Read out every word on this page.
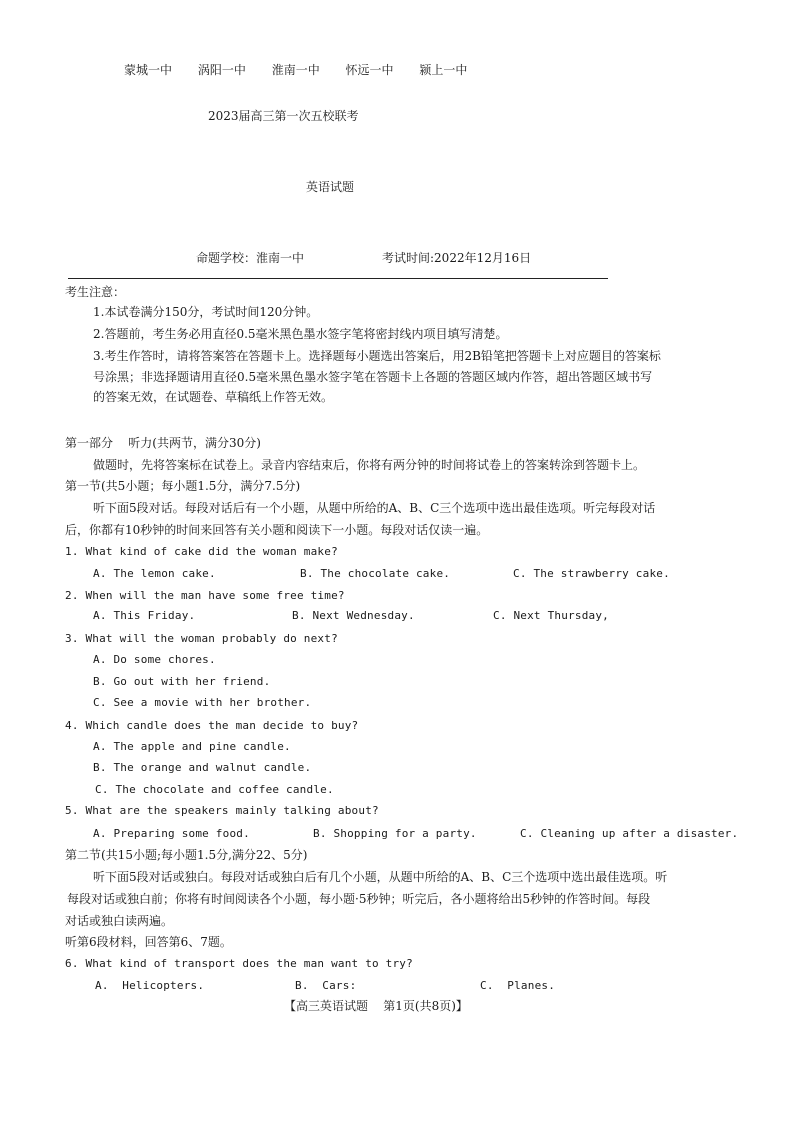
蒙城一中 涡阳一中 淮南一中 怀远一中 颍上一中
2023届高三第一次五校联考
英语试题
命题学校：淮南一中	考试时间:2022年12月16日
考生注意：
1.本试卷满分150分，考试时间120分钟。
2.答题前，考生务必用直径0.5毫米黑色墨水签字笔将密封线内项目填写清楚。
3.考生作答时，请将答案答在答题卡上。选择题每小题选出答案后，用2B铅笔把答题卡上对应题目的答案标
号涂黑；非选择题请用直径0.5毫米黑色墨水签字笔在答题卡上各题的答题区域内作答，超出答题区域书写
的答案无效，在试题卷、草稿纸上作答无效。
第一部分    听力(共两节，满分30分)
做题时，先将答案标在试卷上。录音内容结束后，你将有两分钟的时间将试卷上的答案转涂到答题卡上。
第一节(共5小题；每小题1.5分，满分7.5分)
听下面5段对话。每段对话后有一个小题，从题中所给的A、B、C三个选项中选出最佳选项。听完每段对话
后，你都有10秒钟的时间来回答有关小题和阅读下一小题。每段对话仅读一遍。
1. What kind of cake did the woman make?
A. The lemon cake.	B. The chocolate cake.	C. The strawberry cake.
2. When will the man have some free time?
A. This Friday.	B. Next Wednesday.	C. Next Thursday,
3. What will the woman probably do next?
A. Do some chores.
B. Go out with her friend.
C. See a movie with her brother.
4. Which candle does the man decide to buy?
A. The apple and pine candle.
B. The orange and walnut candle.
C. The chocolate and coffee candle.
5. What are the speakers mainly talking about?
A. Preparing some food.	B. Shopping for a party.	C. Cleaning up after a disaster.
第二节(共15小题;每小题1.5分,满分22、5分)
听下面5段对话或独白。每段对话或独白后有几个小题，从题中所给的A、B、C三个选项中选出最佳选项。听
每段对话或独白前；你将有时间阅读各个小题，每小题·5秒钟；听完后，各小题将给出5秒钟的作答时间。每段
对话或独白读两遍。
听第6段材料，回答第6、7题。
6. What kind of transport does the man want to try?
A.  Helicopters.	B.  Cars:	C.  Planes.
【高三英语试题    第1页(共8页)】
